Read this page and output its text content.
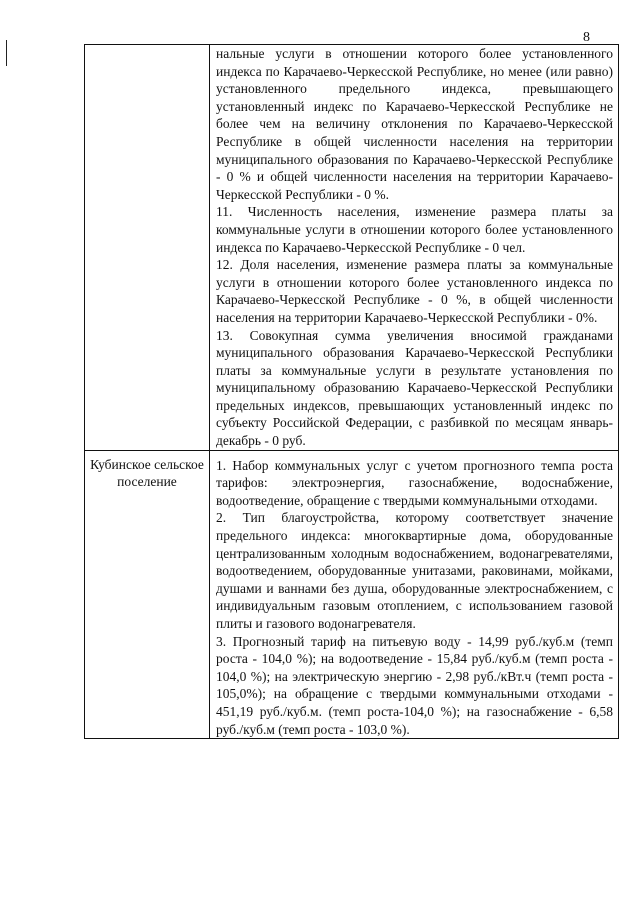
8

	нальные услуги в отношении которого более установленного индекса по Карачаево-Черкесской Республике, но менее (или равно) установленного предельного индекса, превышающего установленный индекс по Карачаево-Черкесской Республике не более чем на величину отклонения по Карачаево-Черкесской Республике в общей численности населения на территории муниципального образования по Карачаево-Черкесской Республике - 0 % и общей численности населения на территории Карачаево-Черкесской Республики - 0 %.
11. Численность населения, изменение размера платы за коммунальные услуги в отношении которого более установленного индекса по Карачаево-Черкесской Республике - 0 чел.
12. Доля населения, изменение размера платы за коммунальные услуги в отношении которого более установленного индекса по Карачаево-Черкесской Республике - 0 %, в общей численности населения на территории Карачаево-Черкесской Республики - 0%.
13. Совокупная сумма увеличения вносимой гражданами муниципального образования Карачаево-Черкесской Республики платы за коммунальные услуги в результате установления по муниципальному образованию Карачаево-Черкесской Республики предельных индексов, превышающих установленный индекс по субъекту Российской Федерации, с разбивкой по месяцам январь-декабрь - 0 руб.

Кубинское сельское поселение	1. Набор коммунальных услуг с учетом прогнозного темпа роста тарифов: электроэнергия, газоснабжение, водоснабжение, водоотведение, обращение с твердыми коммунальными отходами.
2. Тип благоустройства, которому соответствует значение предельного индекса: многоквартирные дома, оборудованные централизованным холодным водоснабжением, водонагревателями, водоотведением, оборудованные унитазами, раковинами, мойками, душами и ваннами без душа, оборудованные электроснабжением, с индивидуальным газовым отоплением, с использованием газовой плиты и газового водонагревателя.
3. Прогнозный тариф на питьевую воду - 14,99 руб./куб.м (темп роста - 104,0 %); на водоотведение - 15,84 руб./куб.м (темп роста - 104,0 %); на электрическую энергию - 2,98 руб./кВт.ч (темп роста - 105,0%); на обращение с твердыми коммунальными отходами - 451,19 руб./куб.м. (темп роста-104,0 %); на газоснабжение - 6,58 руб./куб.м (темп роста - 103,0 %).
